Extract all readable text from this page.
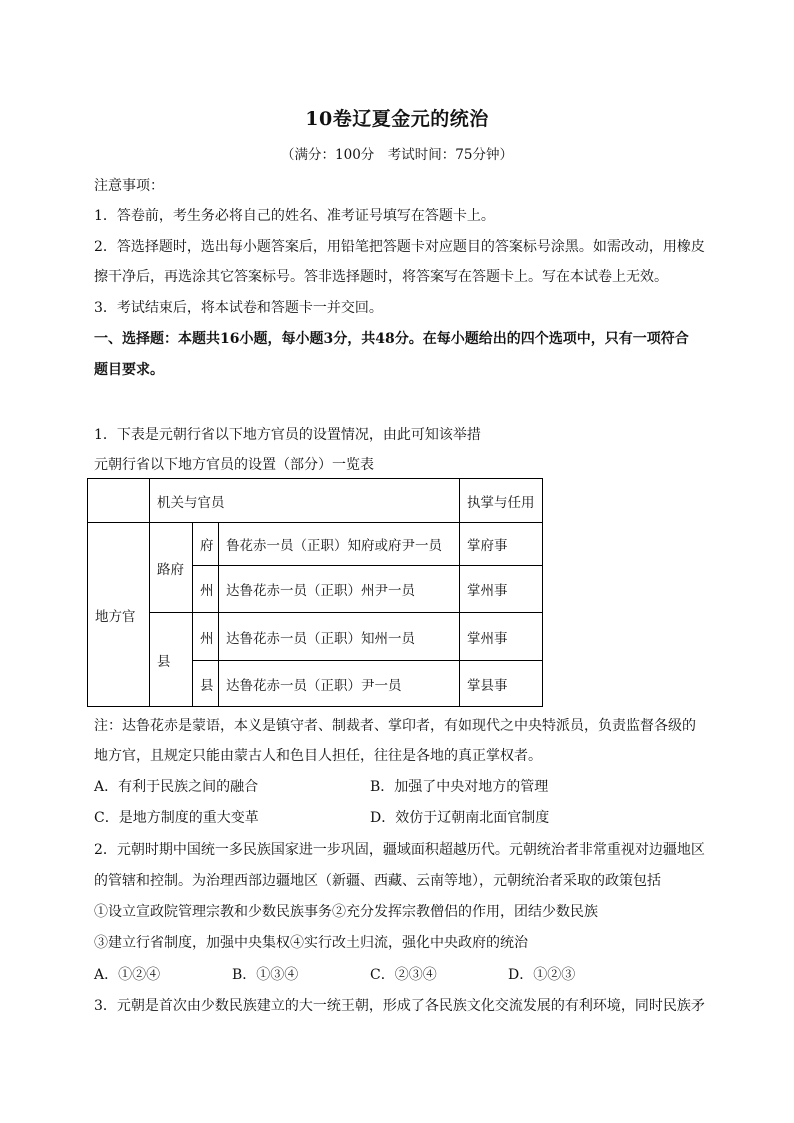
10卷辽夏金元的统治
（满分：100分　考试时间：75分钟）
注意事项：
1．答卷前，考生务必将自己的姓名、准考证号填写在答题卡上。
2．答选择题时，选出每小题答案后，用铅笔把答题卡对应题目的答案标号涂黑。如需改动，用橡皮
擦干净后，再选涂其它答案标号。答非选择题时，将答案写在答题卡上。写在本试卷上无效。
3．考试结束后，将本试卷和答题卡一并交回。
一、选择题：本题共16小题，每小题3分，共48分。在每小题给出的四个选项中，只有一项符合
题目要求。
1．下表是元朝行省以下地方官员的设置情况，由此可知该举措
元朝行省以下地方官员的设置（部分）一览表
	机关与官员			执掌与任用
地方官	路府	府	鲁花赤一员（正职）知府或府尹一员	掌府事
		州	达鲁花赤一员（正职）州尹一员	掌州事
	县	州	达鲁花赤一员（正职）知州一员	掌州事
		县	达鲁花赤一员（正职）尹一员	掌县事
注：达鲁花赤是蒙语，本义是镇守者、制裁者、掌印者，有如现代之中央特派员，负责监督各级的
地方官，且规定只能由蒙古人和色目人担任，往往是各地的真正掌权者。
A．有利于民族之间的融合	B．加强了中央对地方的管理
C．是地方制度的重大变革	D．效仿于辽朝南北面官制度
2．元朝时期中国统一多民族国家进一步巩固，疆域面积超越历代。元朝统治者非常重视对边疆地区
的管辖和控制。为治理西部边疆地区（新疆、西藏、云南等地），元朝统治者采取的政策包括
①设立宣政院管理宗教和少数民族事务②充分发挥宗教僧侣的作用，团结少数民族
③建立行省制度，加强中央集权④实行改土归流，强化中央政府的统治
A．①②④	B．①③④	C．②③④	D．①②③
3．元朝是首次由少数民族建立的大一统王朝，形成了各民族文化交流发展的有利环境，同时民族矛
